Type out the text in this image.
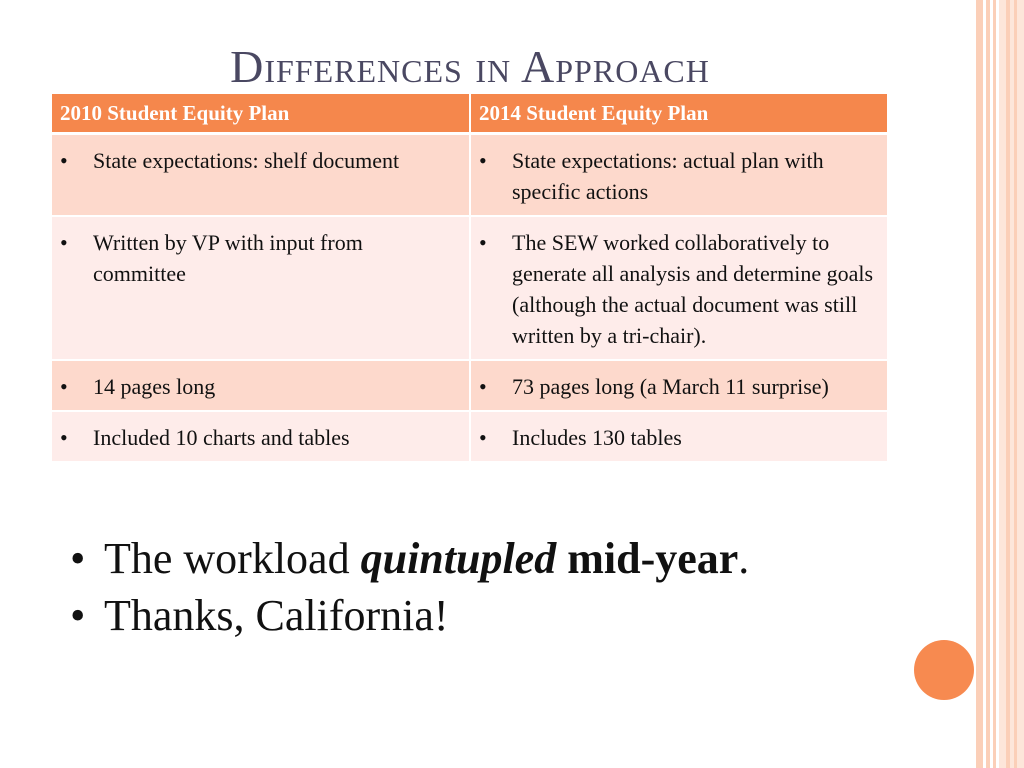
Differences in Approach
2010 Student Equity Plan	2014 Student Equity Plan

• State expectations: shelf document	• State expectations: actual plan with specific actions

• Written by VP with input from committee	• The SEW worked collaboratively to generate all analysis and determine goals (although the actual document was still written by a tri-chair).

• 14 pages long	• 73 pages long (a March 11 surprise)

• Included 10 charts and tables	• Includes 130 tables
• The workload quintupled mid-year.
• Thanks, California!
